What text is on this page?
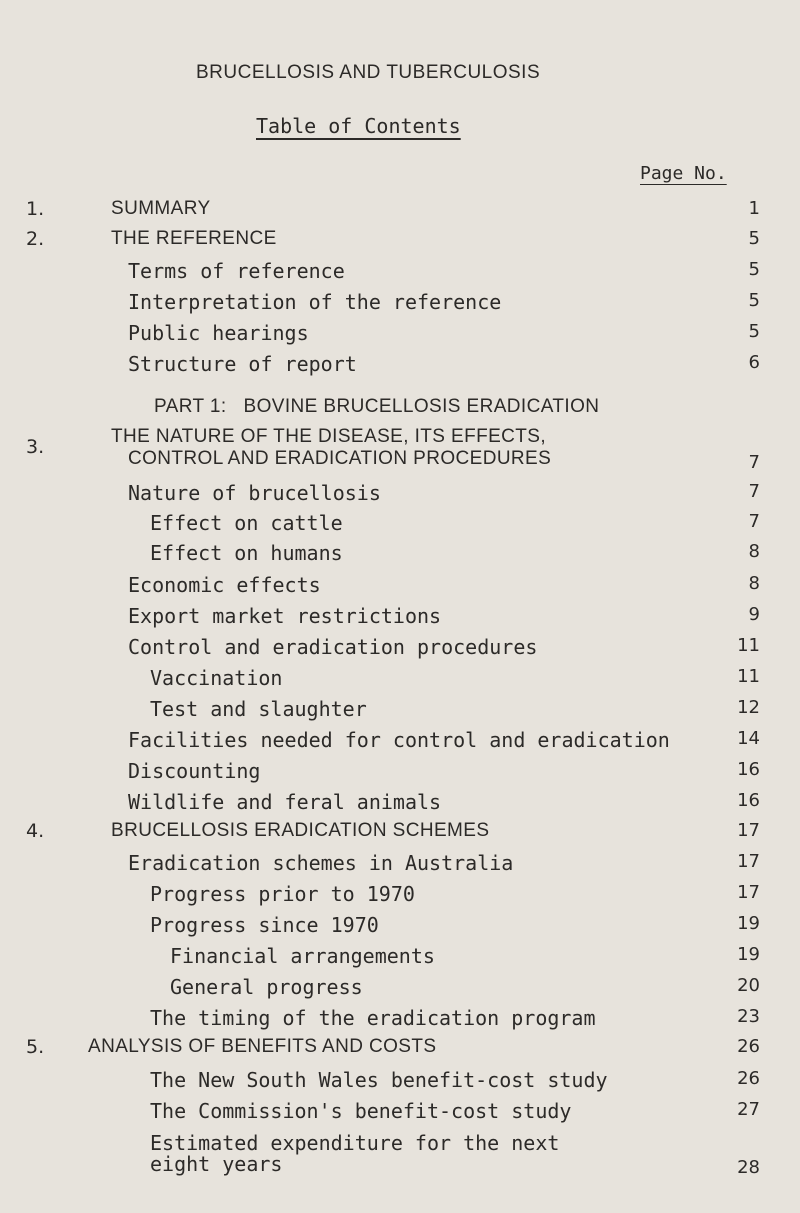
BRUCELLOSIS AND TUBERCULOSIS
Table of Contents
Page No.
1.	SUMMARY	1
2.	THE REFERENCE	5
Terms of reference	5
Interpretation of the reference	5
Public hearings	5
Structure of report	6
PART 1:   BOVINE BRUCELLOSIS ERADICATION
3.	THE NATURE OF THE DISEASE, ITS EFFECTS,
CONTROL AND ERADICATION PROCEDURES	7
Nature of brucellosis	7
Effect on cattle	7
Effect on humans	8
Economic effects	8
Export market restrictions	9
Control and eradication procedures	11
Vaccination	11
Test and slaughter	12
Facilities needed for control and eradication	14
Discounting	16
Wildlife and feral animals	16
4.	BRUCELLOSIS ERADICATION SCHEMES	17
Eradication schemes in Australia	17
Progress prior to 1970	17
Progress since 1970	19
Financial arrangements	19
General progress	20
The timing of the eradication program	23
5. ANALYSIS OF BENEFITS AND COSTS	26
The New South Wales benefit-cost study	26
The Commission's benefit-cost study	27
Estimated expenditure for the next
eight years	28
